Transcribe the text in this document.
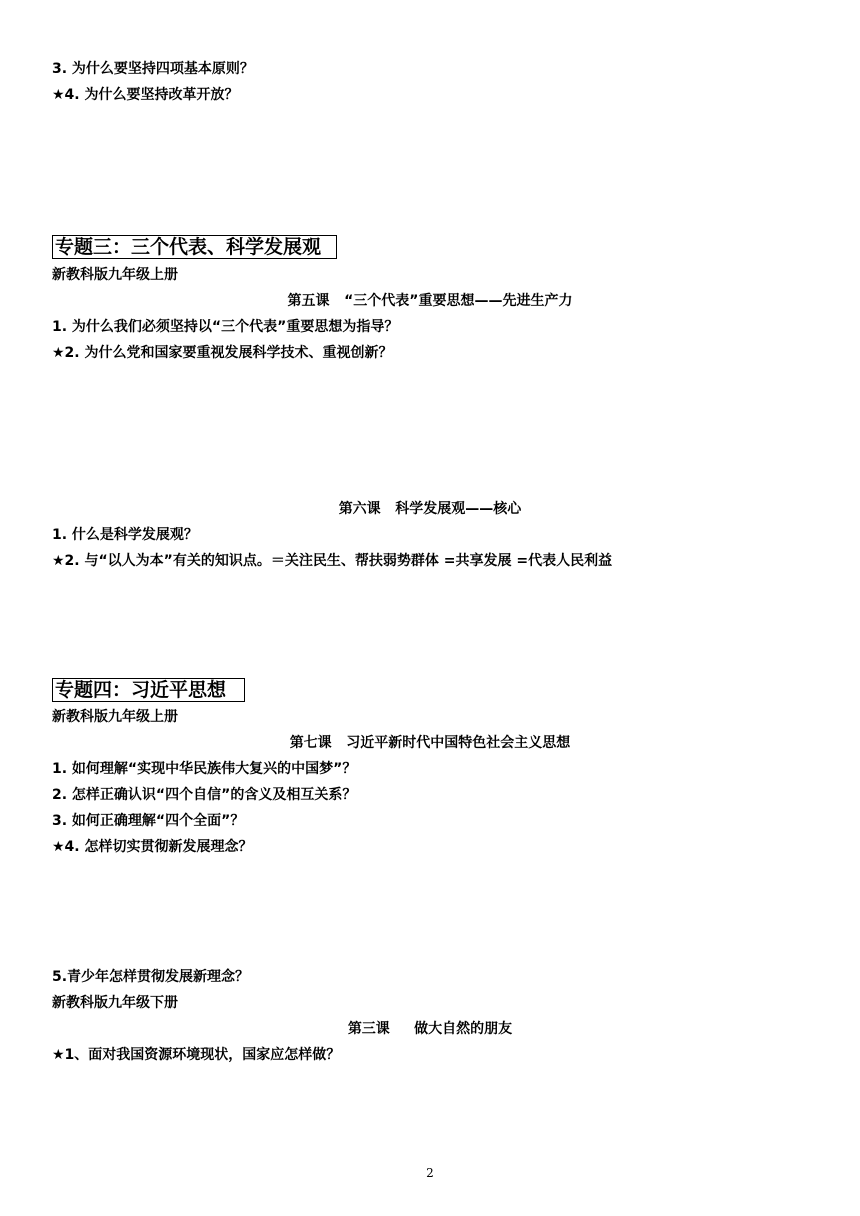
3. 为什么要坚持四项基本原则？
★4. 为什么要坚持改革开放？
专题三：三个代表、科学发展观
新教科版九年级上册
第五课   “三个代表”重要思想——先进生产力
1. 为什么我们必须坚持以“三个代表”重要思想为指导？
★2. 为什么党和国家要重视发展科学技术、重视创新？
第六课   科学发展观——核心
1. 什么是科学发展观？
★2. 与“以人为本”有关的知识点。＝关注民生、帮扶弱势群体 =共享发展 =代表人民利益
专题四：习近平思想
新教科版九年级上册
第七课   习近平新时代中国特色社会主义思想
1. 如何理解“实现中华民族伟大复兴的中国梦”？
2. 怎样正确认识“四个自信”的含义及相互关系？
3. 如何正确理解“四个全面”？
★4. 怎样切实贯彻新发展理念？
5.青少年怎样贯彻发展新理念？
新教科版九年级下册
第三课     做大自然的朋友
★1、面对我国资源环境现状，国家应怎样做？
2
